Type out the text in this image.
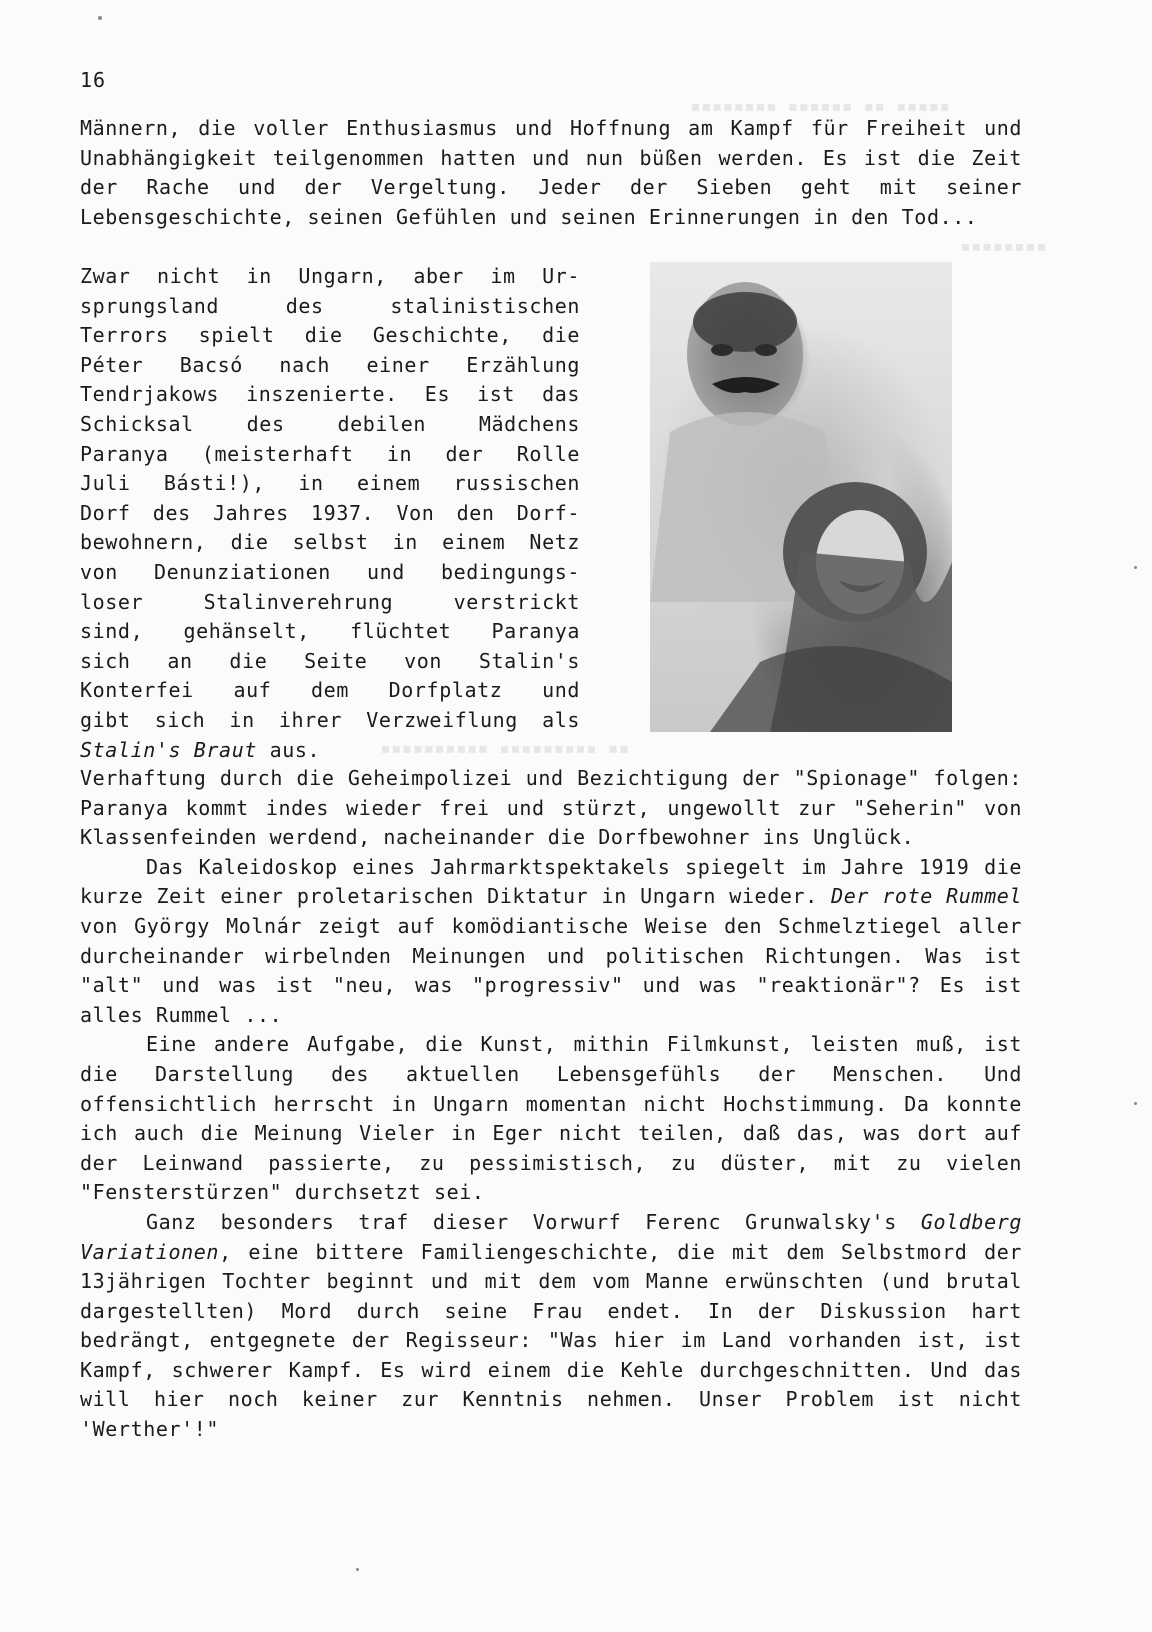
▪▪▪▪▪▪▪▪ ▪▪▪▪▪▪ ▪▪ ▪▪▪▪▪
▪▪▪▪▪▪▪▪
▪▪▪▪▪▪▪▪▪▪ ▪▪▪▪▪▪▪▪▪ ▪▪
16

Männern, die voller Enthusiasmus und Hoffnung am Kampf für Freiheit und Unabhängigkeit teilgenommen hatten und nun büßen werden. Es ist die Zeit der Rache und der Vergeltung. Jeder der Sieben geht mit seiner Lebensgeschichte, seinen Gefühlen und seinen Erinnerungen in den Tod...

Zwar nicht in Ungarn, aber im Ur-
sprungsland des stalinistischen
Terrors spielt die Geschichte, die
Péter Bacsó nach einer Erzählung
Tendrjakows inszenierte. Es ist das
Schicksal des debilen Mädchens
Paranya (meisterhaft in der Rolle
Juli Básti!), in einem russischen
Dorf des Jahres 1937. Von den Dorf-
bewohnern, die selbst in einem Netz
von Denunziationen und bedingungs-
loser Stalinverehrung verstrickt
sind, gehänselt, flüchtet Paranya
sich an die Seite von Stalin's
Konterfei auf dem Dorfplatz und
gibt sich in ihrer Verzweiflung als
Stalin's Braut aus.

Verhaftung durch die Geheimpolizei und Bezichtigung der "Spionage" folgen: Paranya kommt indes wieder frei und stürzt, ungewollt zur "Seherin" von Klassenfeinden werdend, nacheinander die Dorfbewohner ins Unglück.

Das Kaleidoskop eines Jahrmarktspektakels spiegelt im Jahre 1919 die kurze Zeit einer proletarischen Diktatur in Ungarn wieder. Der rote Rummel von György Molnár zeigt auf komödiantische Weise den Schmelztiegel aller durcheinander wirbelnden Meinungen und politischen Richtungen. Was ist "alt" und was ist "neu, was "progressiv" und was "reaktionär"? Es ist alles Rummel ...

Eine andere Aufgabe, die Kunst, mithin Filmkunst, leisten muß, ist die Darstellung des aktuellen Lebensgefühls der Menschen. Und offensichtlich herrscht in Ungarn momentan nicht Hochstimmung. Da konnte ich auch die Meinung Vieler in Eger nicht teilen, daß das, was dort auf der Leinwand passierte, zu pessimistisch, zu düster, mit zu vielen "Fensterstürzen" durchsetzt sei.

Ganz besonders traf dieser Vorwurf Ferenc Grunwalsky's Goldberg Variationen, eine bittere Familiengeschichte, die mit dem Selbstmord der 13jährigen Tochter beginnt und mit dem vom Manne erwünschten (und brutal dargestellten) Mord durch seine Frau endet. In der Diskussion hart bedrängt, entgegnete der Regisseur: "Was hier im Land vorhanden ist, ist Kampf, schwerer Kampf. Es wird einem die Kehle durchgeschnitten. Und das will hier noch keiner zur Kenntnis nehmen. Unser Problem ist nicht 'Werther'!"
